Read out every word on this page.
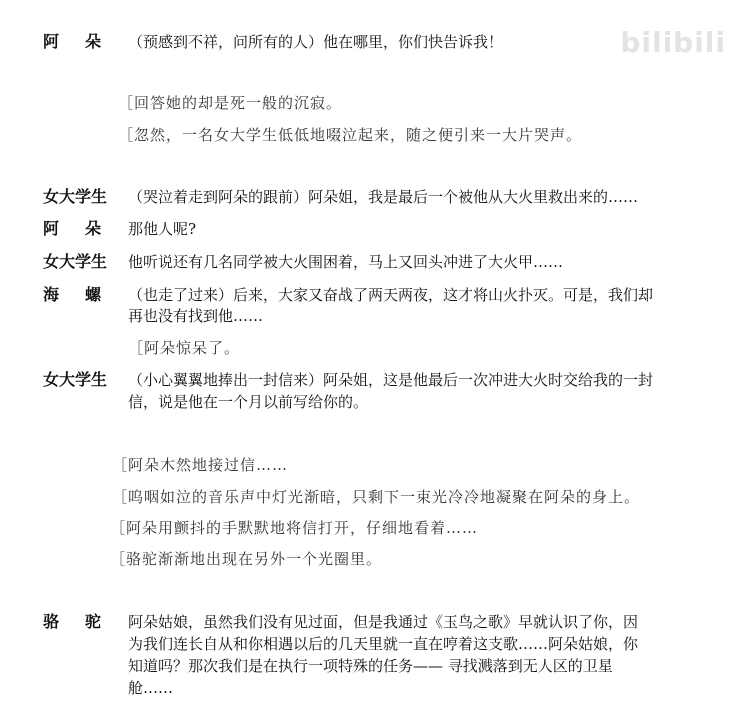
bilibili
阿朵 （预感到不祥，问所有的人）他在哪里，你们快告诉我！
［回答她的却是死一般的沉寂。
［忽然，一名女大学生低低地啜泣起来，随之便引来一大片哭声。
女大学生 （哭泣着走到阿朵的跟前）阿朵姐，我是最后一个被他从大火里救出来的……
阿朵 那他人呢?
女大学生 他听说还有几名同学被大火围困着，马上又回头冲进了大火甲……
海螺 （也走了过来）后来，大家又奋战了两天两夜，这才将山火扑灭。可是，我们却
再也没有找到他……
［阿朵惊呆了。
女大学生 （小心翼翼地捧出一封信来）阿朵姐，这是他最后一次冲进大火时交给我的一封
信，说是他在一个月以前写给你的。
［阿朵木然地接过信……
［呜咽如泣的音乐声中灯光渐暗，只剩下一束光冷冷地凝聚在阿朵的身上。
［阿朵用颤抖的手默默地将信打开，仔细地看着……
［骆驼渐渐地出现在另外一个光圈里。
骆驼 阿朵姑娘，虽然我们没有见过面，但是我通过《玉鸟之歌》早就认识了你，因
为我们连长自从和你相遇以后的几天里就一直在哼着这支歌……阿朵姑娘，你
知道吗？那次我们是在执行一项特殊的任务—— 寻找溅落到无人区的卫星
舱……
